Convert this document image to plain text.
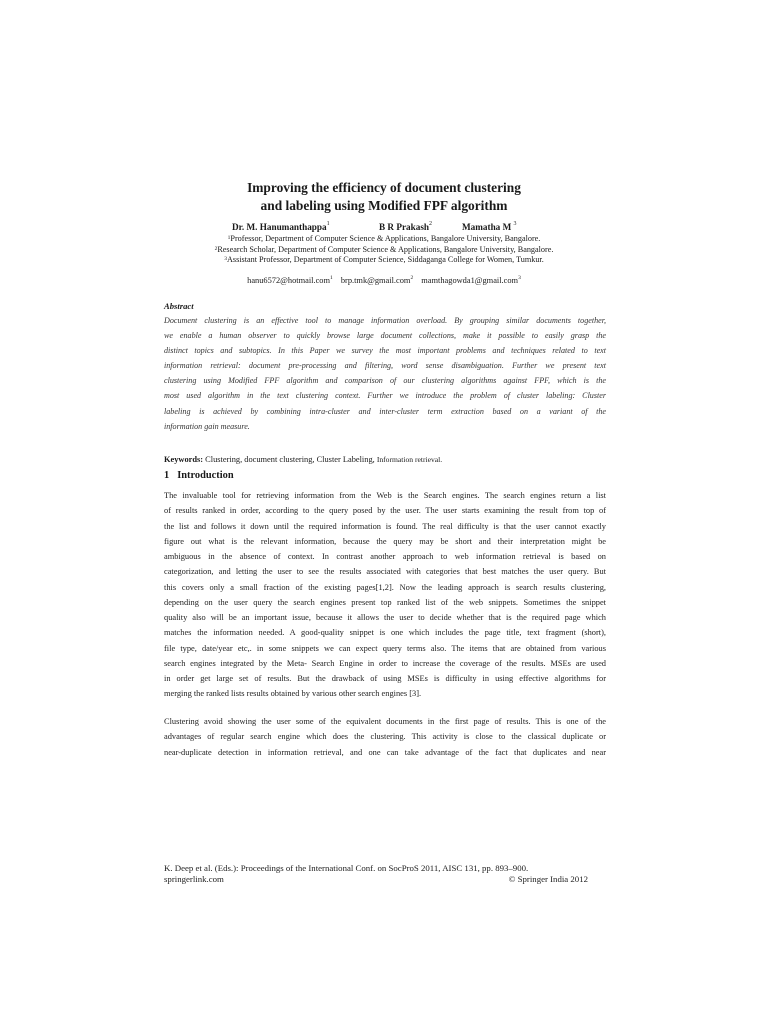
Improving the efficiency of document clustering
and labeling using Modified FPF algorithm
Dr. M. Hanumanthappa$^1$	B R Prakash$^2$	Mamatha M $^3$
$^1$Professor, Department of Computer Science & Applications, Bangalore University, Bangalore.
$^2$Research Scholar, Department of Computer Science & Applications, Bangalore University, Bangalore.
$^3$Assistant Professor, Department of Computer Science, Siddaganga College for Women, Tumkur.
hanu6572@hotmail.com$^1$ brp.tmk@gmail.com$^2$ mamthagowda1@gmail.com$^3$
Abstract
Document clustering is an effective tool to manage information overload. By grouping similar documents together,
we enable a human observer to quickly browse large document collections, make it possible to easily grasp the
distinct topics and subtopics. In this Paper we survey the most important problems and techniques related to text
information retrieval: document pre-processing and filtering, word sense disambiguation. Further we present text
clustering using Modified FPF algorithm and comparison of our clustering algorithms against FPF, which is the
most used algorithm in the text clustering context. Further we introduce the problem of cluster labeling: Cluster
labeling is achieved by combining intra-cluster and inter-cluster term extraction based on a variant of the
information gain measure.
Keywords: Clustering, document clustering, Cluster Labeling, Information retrieval.
1 Introduction
The invaluable tool for retrieving information from the Web is the Search engines. The search engines return a list
of results ranked in order, according to the query posed by the user. The user starts examining the result from top of
the list and follows it down until the required information is found. The real difficulty is that the user cannot exactly
figure out what is the relevant information, because the query may be short and their interpretation might be
ambiguous in the absence of context. In contrast another approach to web information retrieval is based on
categorization, and letting the user to see the results associated with categories that best matches the user query. But
this covers only a small fraction of the existing pages[1,2]. Now the leading approach is search results clustering,
depending on the user query the search engines present top ranked list of the web snippets. Sometimes the snippet
quality also will be an important issue, because it allows the user to decide whether that is the required page which
matches the information needed. A good-quality snippet is one which includes the page title, text fragment (short),
file type, date/year etc,. in some snippets we can expect query terms also. The items that are obtained from various
search engines integrated by the Meta- Search Engine in order to increase the coverage of the results. MSEs are used
in order get large set of results. But the drawback of using MSEs is difficulty in using effective algorithms for
merging the ranked lists results obtained by various other search engines [3].
Clustering avoid showing the user some of the equivalent documents in the first page of results. This is one of the
advantages of regular search engine which does the clustering. This activity is close to the classical duplicate or
near-duplicate detection in information retrieval, and one can take advantage of the fact that duplicates and near
K. Deep et al. (Eds.): Proceedings of the International Conf. on SocProS 2011, AISC 131, pp. 893–900.
springerlink.com	© Springer India 2012
